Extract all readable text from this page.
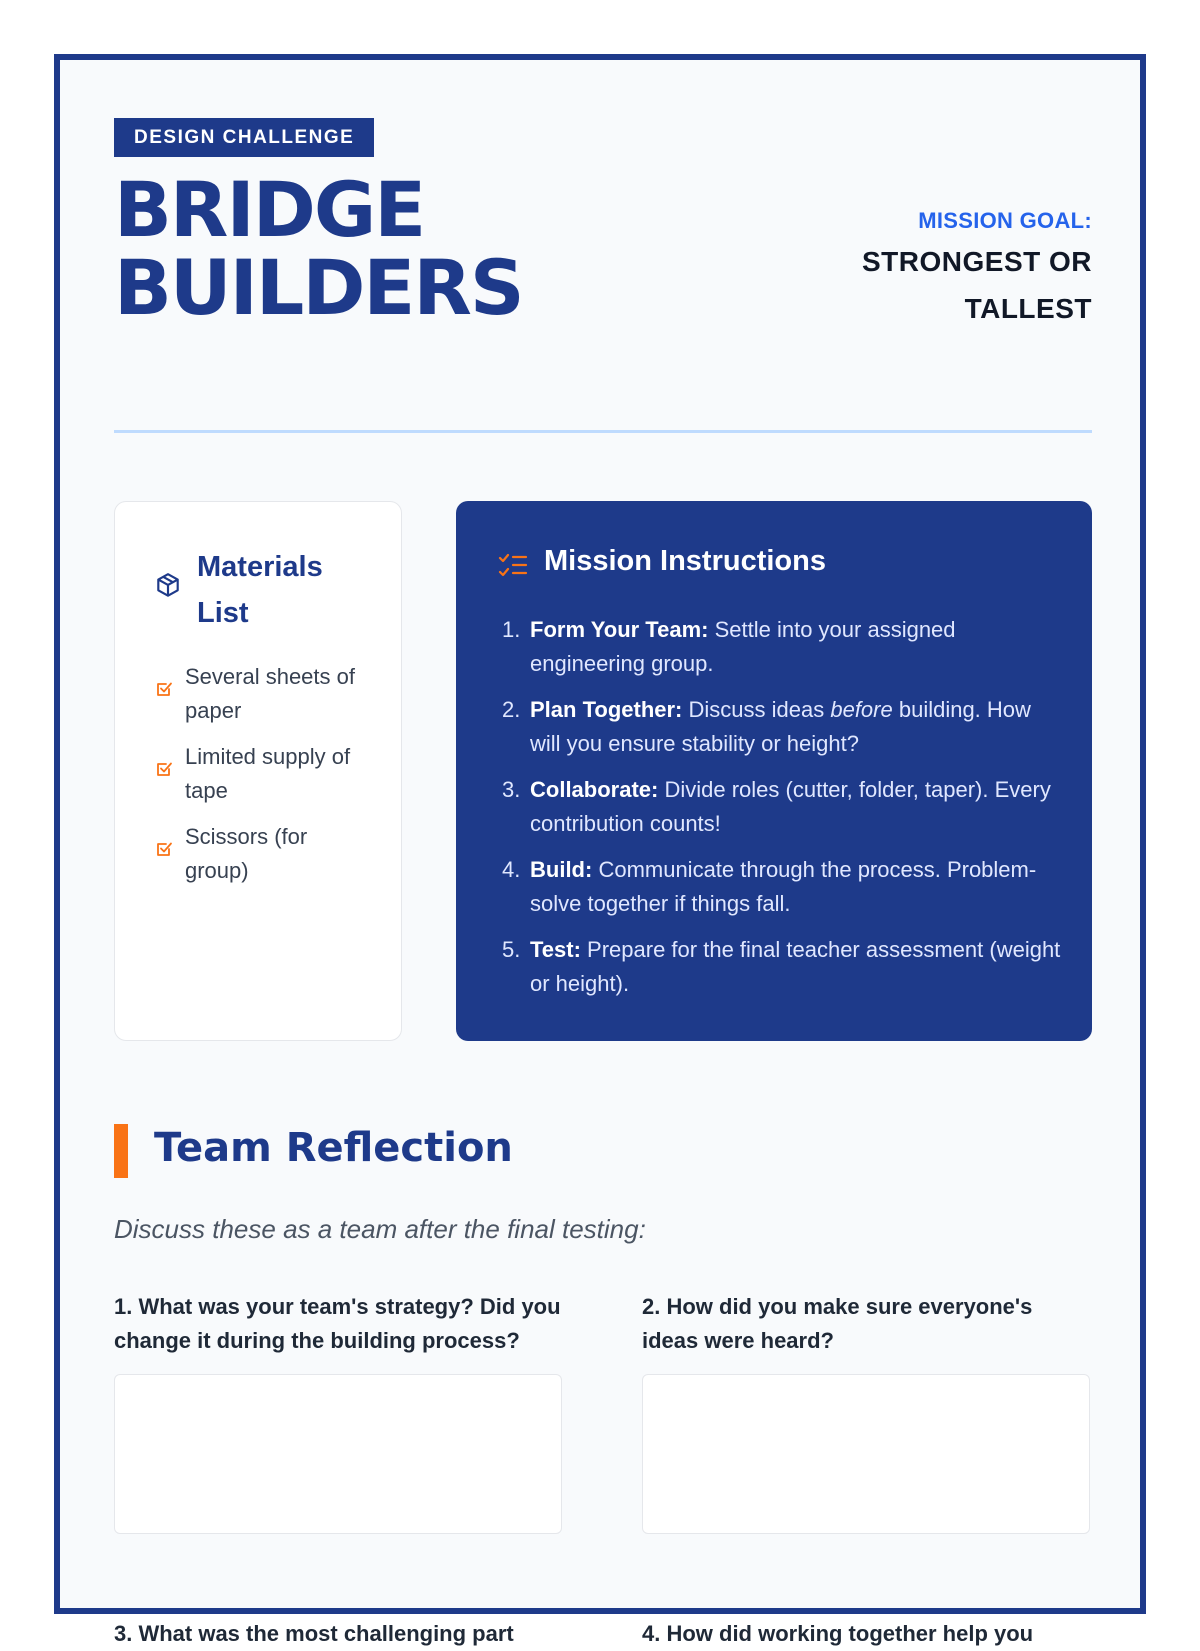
DESIGN CHALLENGE
BRIDGE
BUILDERS
MISSION GOAL:
STRONGEST OR
TALLEST
Materials List
Several sheets of paper
Limited supply of tape
Scissors (for group)
Mission Instructions
1. Form Your Team: Settle into your assigned engineering group.
2. Plan Together: Discuss ideas before building. How will you ensure stability or height?
3. Collaborate: Divide roles (cutter, folder, taper). Every contribution counts!
4. Build: Communicate through the process. Problem-solve together if things fall.
5. Test: Prepare for the final teacher assessment (weight or height).
Team Reflection
Discuss these as a team after the final testing:
1. What was your team's strategy? Did you change it during the building process?
2. How did you make sure everyone's ideas were heard?
3. What was the most challenging part	4. How did working together help you
